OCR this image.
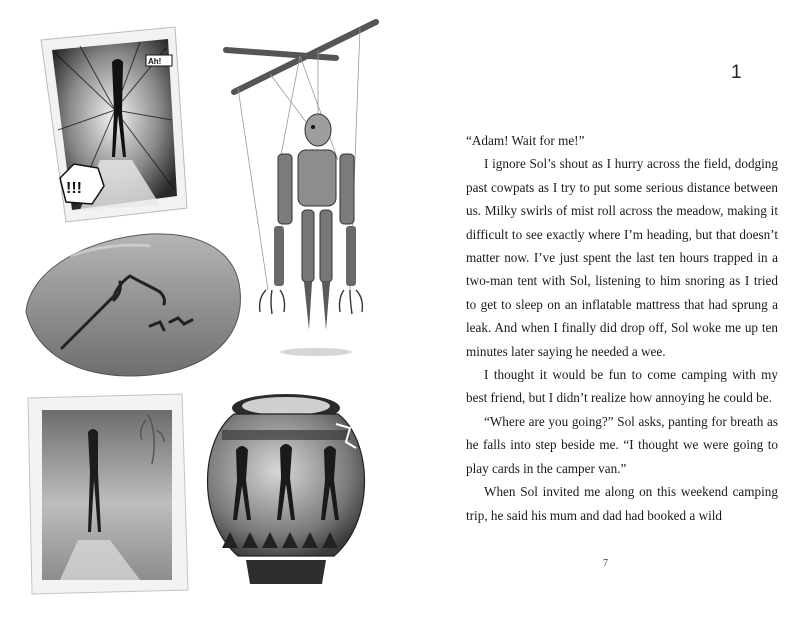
Ah!
!!!
1

“Adam! Wait for me!”

I ignore Sol’s shout as I hurry across the field, dodging past cowpats as I try to put some serious distance between us. Milky swirls of mist roll across the meadow, making it difficult to see exactly where I’m heading, but that doesn’t matter now. I’ve just spent the last ten hours trapped in a two-man tent with Sol, listening to him snoring as I tried to get to sleep on an inflatable mattress that had sprung a leak. And when I finally did drop off, Sol woke me up ten minutes later saying he needed a wee.

I thought it would be fun to come camping with my best friend, but I didn’t realize how annoying he could be.

“Where are you going?” Sol asks, panting for breath as he falls into step beside me. “I thought we were going to play cards in the camper van.”

When Sol invited me along on this weekend camping trip, he said his mum and dad had booked a wild

7
